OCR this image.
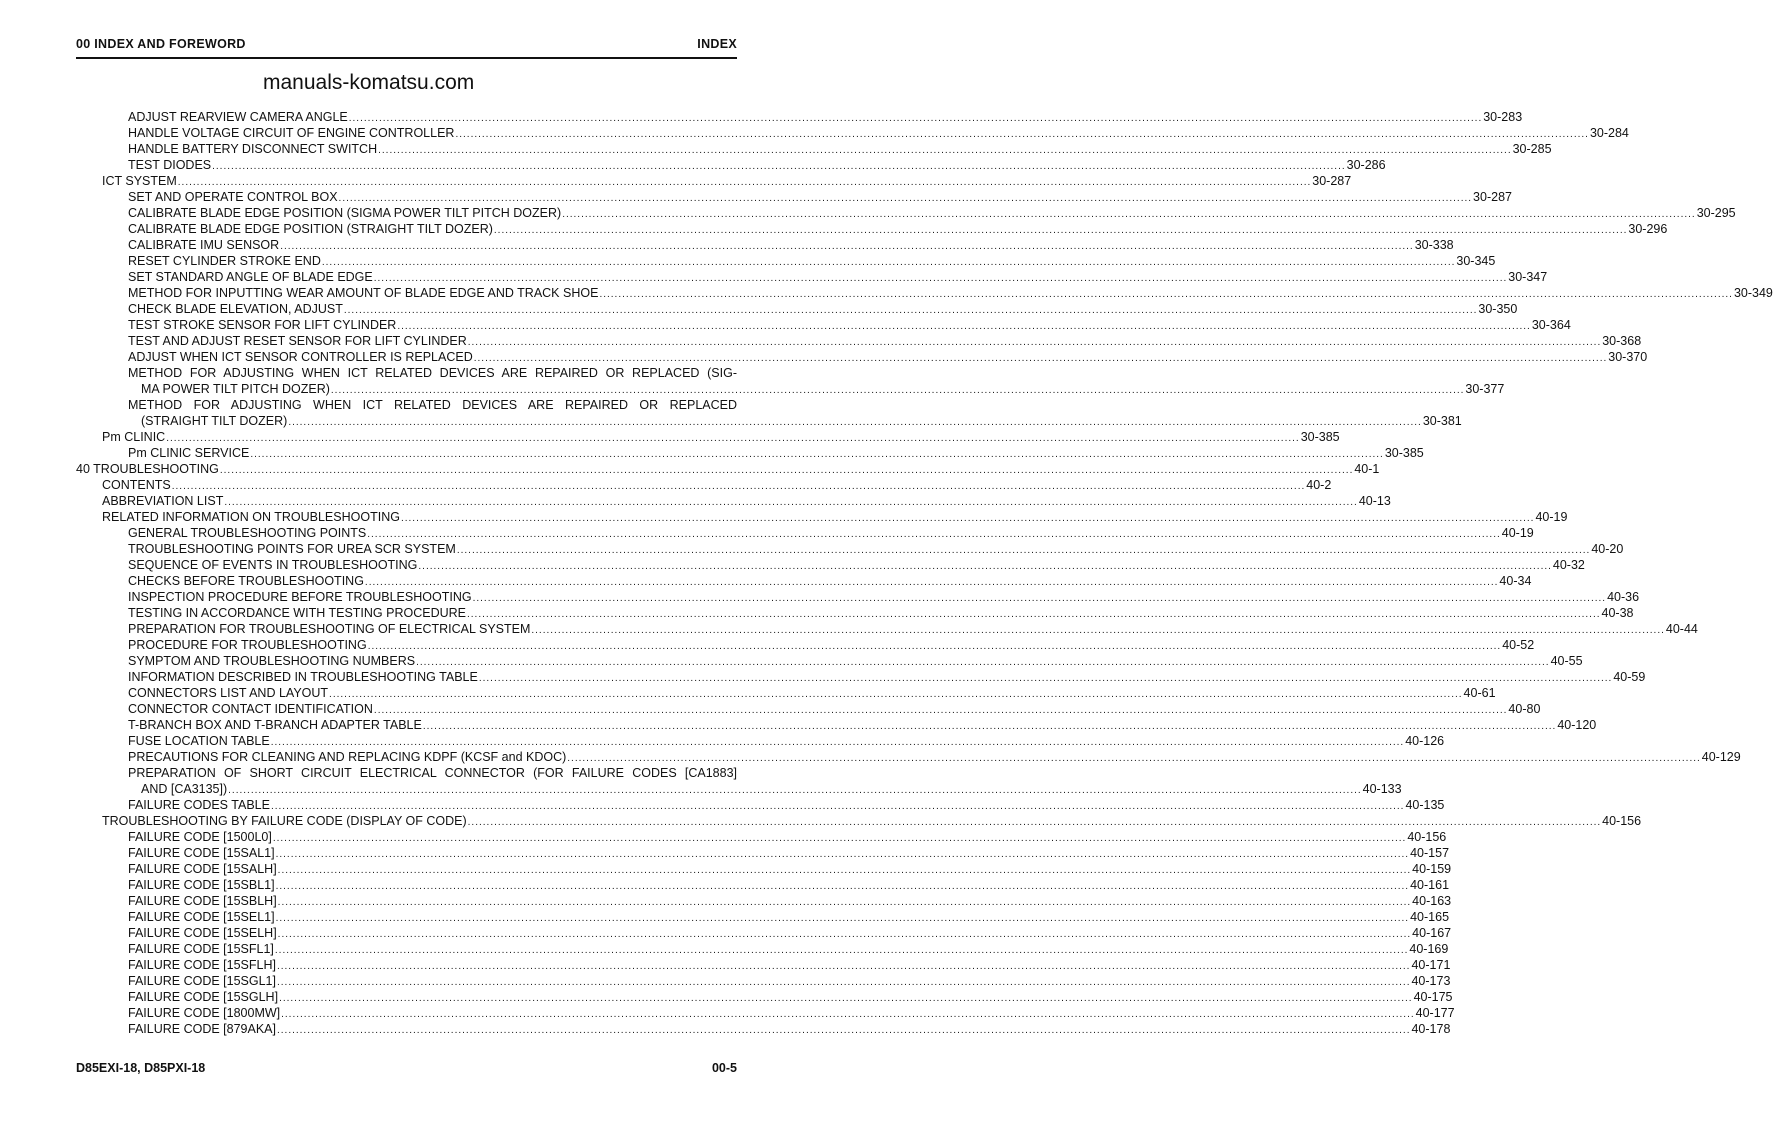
00 INDEX AND FOREWORD	INDEX
manuals-komatsu.com
ADJUST REARVIEW CAMERA ANGLE ............................................................................................................................................................................................................................................................................................................ 30-283
HANDLE VOLTAGE CIRCUIT OF ENGINE CONTROLLER ............................................................................................................................................................................................................................................................................................................ 30-284
HANDLE BATTERY DISCONNECT SWITCH ............................................................................................................................................................................................................................................................................................................ 30-285
TEST DIODES ............................................................................................................................................................................................................................................................................................................ 30-286
ICT SYSTEM ............................................................................................................................................................................................................................................................................................................ 30-287
SET AND OPERATE CONTROL BOX ............................................................................................................................................................................................................................................................................................................ 30-287
CALIBRATE BLADE EDGE POSITION (SIGMA POWER TILT PITCH DOZER) ............................................................................................................................................................................................................................................................................................................ 30-295
CALIBRATE BLADE EDGE POSITION (STRAIGHT TILT DOZER) ............................................................................................................................................................................................................................................................................................................ 30-296
CALIBRATE IMU SENSOR ............................................................................................................................................................................................................................................................................................................ 30-338
RESET CYLINDER STROKE END ............................................................................................................................................................................................................................................................................................................ 30-345
SET STANDARD ANGLE OF BLADE EDGE ............................................................................................................................................................................................................................................................................................................ 30-347
METHOD FOR INPUTTING WEAR AMOUNT OF BLADE EDGE AND TRACK SHOE ............................................................................................................................................................................................................................................................................................................ 30-349
CHECK BLADE ELEVATION, ADJUST ............................................................................................................................................................................................................................................................................................................ 30-350
TEST STROKE SENSOR FOR LIFT CYLINDER ............................................................................................................................................................................................................................................................................................................ 30-364
TEST AND ADJUST RESET SENSOR FOR LIFT CYLINDER ............................................................................................................................................................................................................................................................................................................ 30-368
ADJUST WHEN ICT SENSOR CONTROLLER IS REPLACED ............................................................................................................................................................................................................................................................................................................ 30-370
METHOD FOR ADJUSTING WHEN ICT RELATED DEVICES ARE REPAIRED OR REPLACED (SIG-
MA POWER TILT PITCH DOZER) ............................................................................................................................................................................................................................................................................................................ 30-377
METHOD FOR ADJUSTING WHEN ICT RELATED DEVICES ARE REPAIRED OR REPLACED
(STRAIGHT TILT DOZER) ............................................................................................................................................................................................................................................................................................................ 30-381
Pm CLINIC ............................................................................................................................................................................................................................................................................................................ 30-385
Pm CLINIC SERVICE ............................................................................................................................................................................................................................................................................................................ 30-385
40 TROUBLESHOOTING ............................................................................................................................................................................................................................................................................................................ 40-1
CONTENTS ............................................................................................................................................................................................................................................................................................................ 40-2
ABBREVIATION LIST ............................................................................................................................................................................................................................................................................................................ 40-13
RELATED INFORMATION ON TROUBLESHOOTING ............................................................................................................................................................................................................................................................................................................ 40-19
GENERAL TROUBLESHOOTING POINTS ............................................................................................................................................................................................................................................................................................................ 40-19
TROUBLESHOOTING POINTS FOR UREA SCR SYSTEM ............................................................................................................................................................................................................................................................................................................ 40-20
SEQUENCE OF EVENTS IN TROUBLESHOOTING ............................................................................................................................................................................................................................................................................................................ 40-32
CHECKS BEFORE TROUBLESHOOTING ............................................................................................................................................................................................................................................................................................................ 40-34
INSPECTION PROCEDURE BEFORE TROUBLESHOOTING ............................................................................................................................................................................................................................................................................................................ 40-36
TESTING IN ACCORDANCE WITH TESTING PROCEDURE ............................................................................................................................................................................................................................................................................................................ 40-38
PREPARATION FOR TROUBLESHOOTING OF ELECTRICAL SYSTEM ............................................................................................................................................................................................................................................................................................................ 40-44
PROCEDURE FOR TROUBLESHOOTING ............................................................................................................................................................................................................................................................................................................ 40-52
SYMPTOM AND TROUBLESHOOTING NUMBERS ............................................................................................................................................................................................................................................................................................................ 40-55
INFORMATION DESCRIBED IN TROUBLESHOOTING TABLE ............................................................................................................................................................................................................................................................................................................ 40-59
CONNECTORS LIST AND LAYOUT ............................................................................................................................................................................................................................................................................................................ 40-61
CONNECTOR CONTACT IDENTIFICATION ............................................................................................................................................................................................................................................................................................................ 40-80
T-BRANCH BOX AND T-BRANCH ADAPTER TABLE ............................................................................................................................................................................................................................................................................................................ 40-120
FUSE LOCATION TABLE ............................................................................................................................................................................................................................................................................................................ 40-126
PRECAUTIONS FOR CLEANING AND REPLACING KDPF (KCSF and KDOC) ............................................................................................................................................................................................................................................................................................................ 40-129
PREPARATION OF SHORT CIRCUIT ELECTRICAL CONNECTOR (FOR FAILURE CODES [CA1883]
AND [CA3135]) ............................................................................................................................................................................................................................................................................................................ 40-133
FAILURE CODES TABLE ............................................................................................................................................................................................................................................................................................................ 40-135
TROUBLESHOOTING BY FAILURE CODE (DISPLAY OF CODE) ............................................................................................................................................................................................................................................................................................................ 40-156
FAILURE CODE [1500L0] ............................................................................................................................................................................................................................................................................................................ 40-156
FAILURE CODE [15SAL1] ............................................................................................................................................................................................................................................................................................................ 40-157
FAILURE CODE [15SALH] ............................................................................................................................................................................................................................................................................................................ 40-159
FAILURE CODE [15SBL1] ............................................................................................................................................................................................................................................................................................................ 40-161
FAILURE CODE [15SBLH] ............................................................................................................................................................................................................................................................................................................ 40-163
FAILURE CODE [15SEL1] ............................................................................................................................................................................................................................................................................................................ 40-165
FAILURE CODE [15SELH] ............................................................................................................................................................................................................................................................................................................ 40-167
FAILURE CODE [15SFL1] ............................................................................................................................................................................................................................................................................................................ 40-169
FAILURE CODE [15SFLH] ............................................................................................................................................................................................................................................................................................................ 40-171
FAILURE CODE [15SGL1] ............................................................................................................................................................................................................................................................................................................ 40-173
FAILURE CODE [15SGLH] ............................................................................................................................................................................................................................................................................................................ 40-175
FAILURE CODE [1800MW] ............................................................................................................................................................................................................................................................................................................ 40-177
FAILURE CODE [879AKA] ............................................................................................................................................................................................................................................................................................................ 40-178
D85EXI-18, D85PXI-18	00-5
